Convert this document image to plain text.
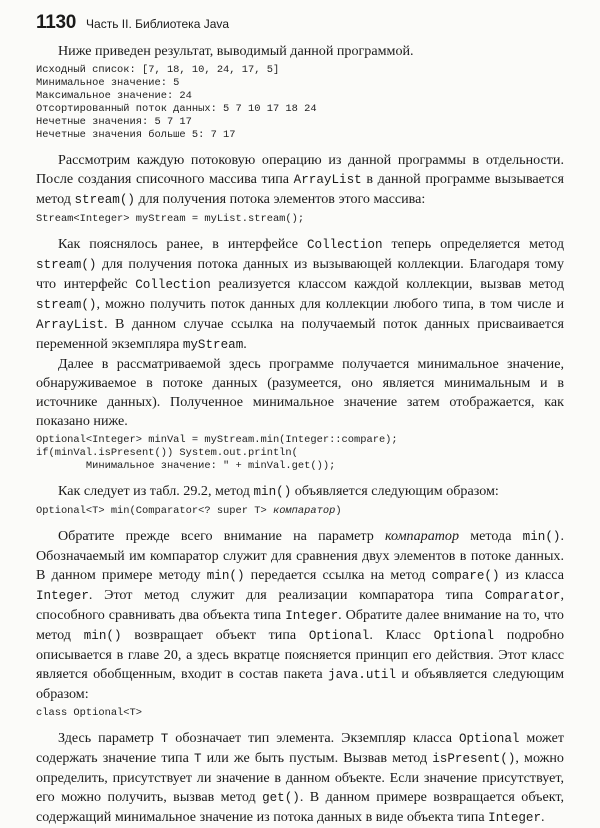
1130 Часть II. Библиотека Java

Ниже приведен результат, выводимый данной программой.

Исходный список: [7, 18, 10, 24, 17, 5]
Минимальное значение: 5
Максимальное значение: 24
Отсортированный поток данных: 5 7 10 17 18 24
Нечетные значения: 5 7 17
Нечетные значения больше 5: 7 17

Рассмотрим каждую потоковую операцию из данной программы в отдельности. После создания списочного массива типа ArrayList в данной программе вызывается метод stream() для получения потока элементов этого массива:

Stream<Integer> myStream = myList.stream();

Как пояснялось ранее, в интерфейсе Collection теперь определяется метод stream() для получения потока данных из вызывающей коллекции. Благодаря тому что интерфейс Collection реализуется классом каждой коллекции, вызвав метод stream(), можно получить поток данных для коллекции любого типа, в том числе и ArrayList. В данном случае ссылка на получаемый поток данных присваивается переменной экземпляра myStream.

Далее в рассматриваемой здесь программе получается минимальное значение, обнаруживаемое в потоке данных (разумеется, оно является минимальным и в источнике данных). Полученное минимальное значение затем отображается, как показано ниже.

Optional<Integer> minVal = myStream.min(Integer::compare);
if(minVal.isPresent()) System.out.println(
Минимальное значение: " + minVal.get());

Как следует из табл. 29.2, метод min() объявляется следующим образом:

Optional<T> min(Comparator<? super T> компаратор)

Обратите прежде всего внимание на параметр компаратор метода min(). Обозначаемый им компаратор служит для сравнения двух элементов в потоке данных. В данном примере методу min() передается ссылка на метод compare() из класса Integer. Этот метод служит для реализации компаратора типа Comparator, способного сравнивать два объекта типа Integer. Обратите далее внимание на то, что метод min() возвращает объект типа Optional. Класс Optional подробно описывается в главе 20, а здесь вкратце поясняется принцип его действия. Этот класс является обобщенным, входит в состав пакета java.util и объявляется следующим образом:

class Optional<T>

Здесь параметр T обозначает тип элемента. Экземпляр класса Optional может содержать значение типа T или же быть пустым. Вызвав метод isPresent(), можно определить, присутствует ли значение в данном объекте. Если значение присутствует, его можно получить, вызвав метод get(). В данном примере возвращается объект, содержащий минимальное значение из потока данных в виде объекта типа Integer.
